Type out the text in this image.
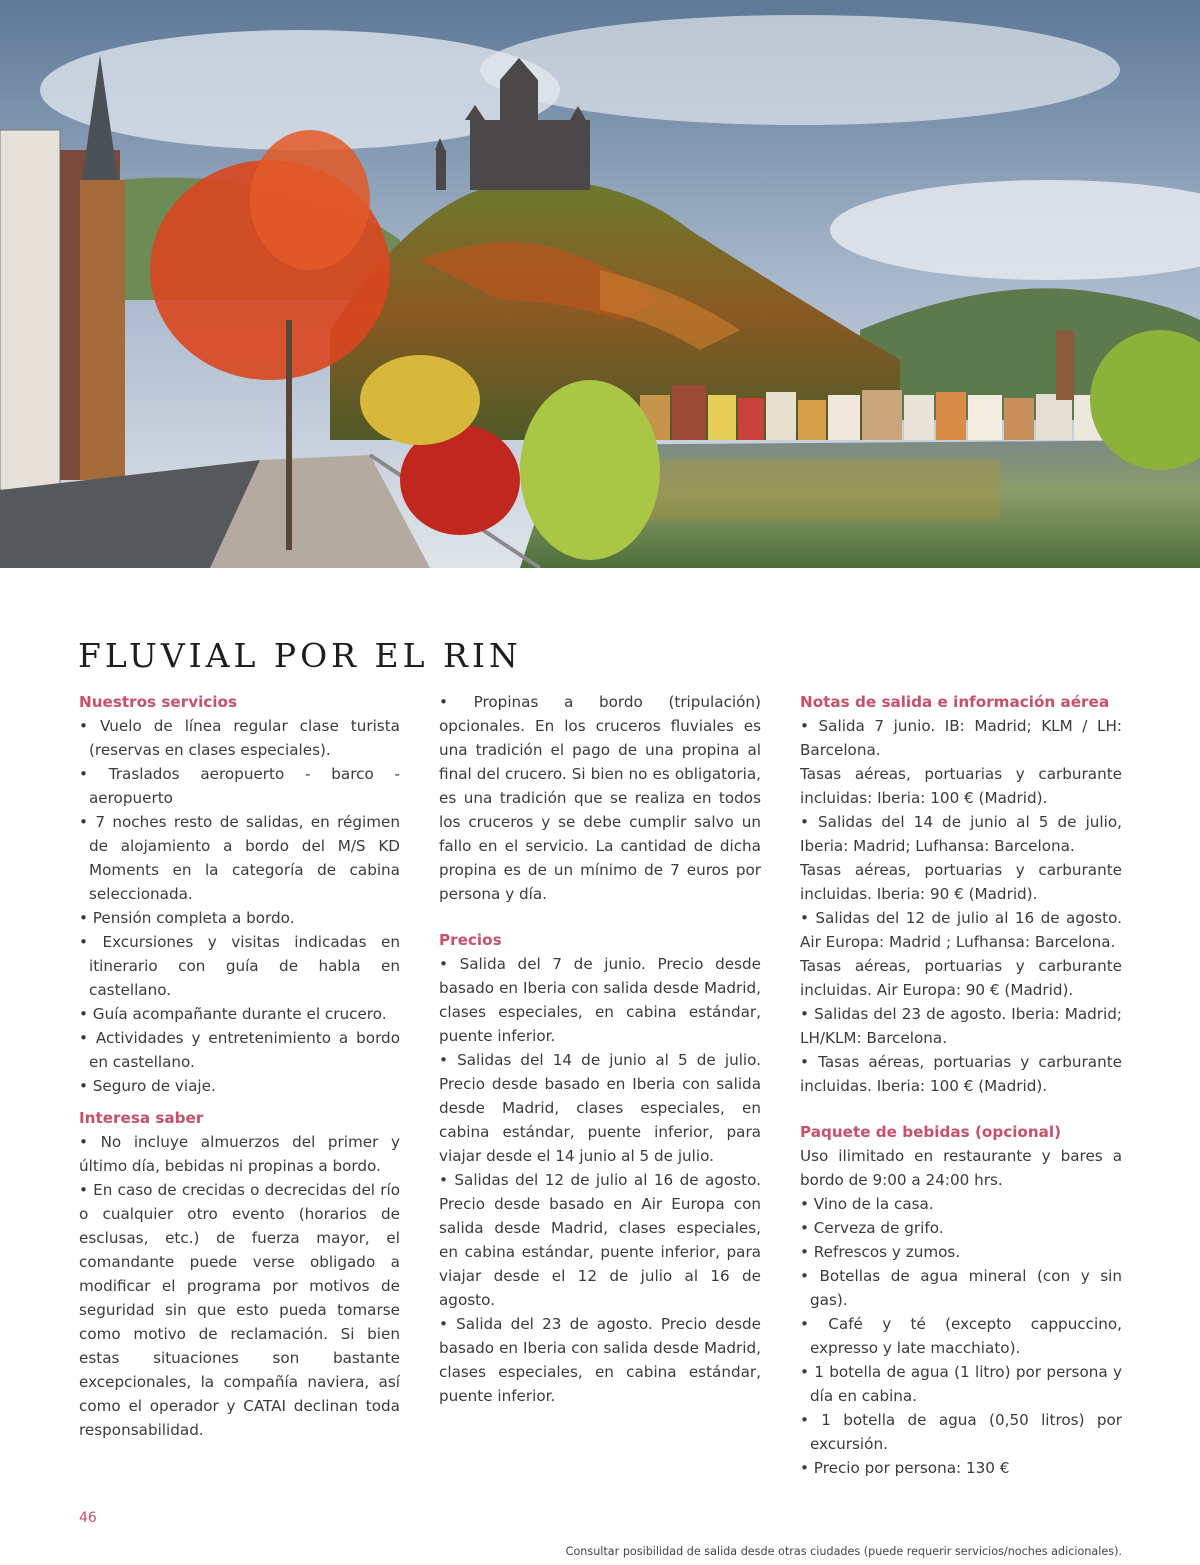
FLUVIAL POR EL RIN
Nuestros servicios
• Vuelo de línea regular clase turista (reservas en clases especiales).
• Traslados aeropuerto - barco - aeropuerto
• 7 noches resto de salidas, en régimen de alojamiento a bordo del M/S KD Moments en la categoría de cabina seleccionada.
• Pensión completa a bordo.
• Excursiones y visitas indicadas en itinerario con guía de habla en castellano.
• Guía acompañante durante el crucero.
• Actividades y entretenimiento a bordo en castellano.
• Seguro de viaje.
Interesa saber
• No incluye almuerzos del primer y último día, bebidas ni propinas a bordo.
• En caso de crecidas o decrecidas del río o cualquier otro evento (horarios de esclusas, etc.) de fuerza mayor, el comandante puede verse obligado a modificar el programa por motivos de seguridad sin que esto pueda tomarse como motivo de reclamación. Si bien estas situaciones son bastante excepcionales, la compañía naviera, así como el operador y CATAI declinan toda responsabilidad.
• Propinas a bordo (tripulación) opcionales. En los cruceros fluviales es una tradición el pago de una propina al final del crucero. Si bien no es obligatoria, es una tradición que se realiza en todos los cruceros y se debe cumplir salvo un fallo en el servicio. La cantidad de dicha propina es de un mínimo de 7 euros por persona y día.
Precios
• Salida del 7 de junio. Precio desde basado en Iberia con salida desde Madrid, clases especiales, en cabina estándar, puente inferior.
• Salidas del 14 de junio al 5 de julio. Precio desde basado en Iberia con salida desde Madrid, clases especiales, en cabina estándar, puente inferior, para viajar desde el 14 junio al 5 de julio.
• Salidas del 12 de julio al 16 de agosto. Precio desde basado en Air Europa con salida desde Madrid, clases especiales, en cabina estándar, puente inferior, para viajar desde el 12 de julio al 16 de agosto.
• Salida del 23 de agosto. Precio desde basado en Iberia con salida desde Madrid, clases especiales, en cabina estándar, puente inferior.
Notas de salida e información aérea
• Salida 7 junio. IB: Madrid; KLM / LH: Barcelona.
Tasas aéreas, portuarias y carburante incluidas: Iberia: 100 € (Madrid).
• Salidas del 14 de junio al 5 de julio, Iberia: Madrid; Lufhansa: Barcelona.
Tasas aéreas, portuarias y carburante incluidas. Iberia: 90 € (Madrid).
• Salidas del 12 de julio al 16 de agosto. Air Europa: Madrid ; Lufhansa: Barcelona.
Tasas aéreas, portuarias y carburante incluidas. Air Europa: 90 € (Madrid).
• Salidas del 23 de agosto. Iberia: Madrid; LH/KLM: Barcelona.
• Tasas aéreas, portuarias y carburante incluidas. Iberia: 100 € (Madrid).
Paquete de bebidas (opcional)
Uso ilimitado en restaurante y bares a bordo de 9:00 a 24:00 hrs.
• Vino de la casa.
• Cerveza de grifo.
• Refrescos y zumos.
• Botellas de agua mineral (con y sin gas).
• Café y té (excepto cappuccino, expresso y late macchiato).
• 1 botella de agua (1 litro) por persona y día en cabina.
• 1 botella de agua (0,50 litros) por excursión.
• Precio por persona: 130 €
46
Consultar posibilidad de salida desde otras ciudades (puede requerir servicios/noches adicionales).
